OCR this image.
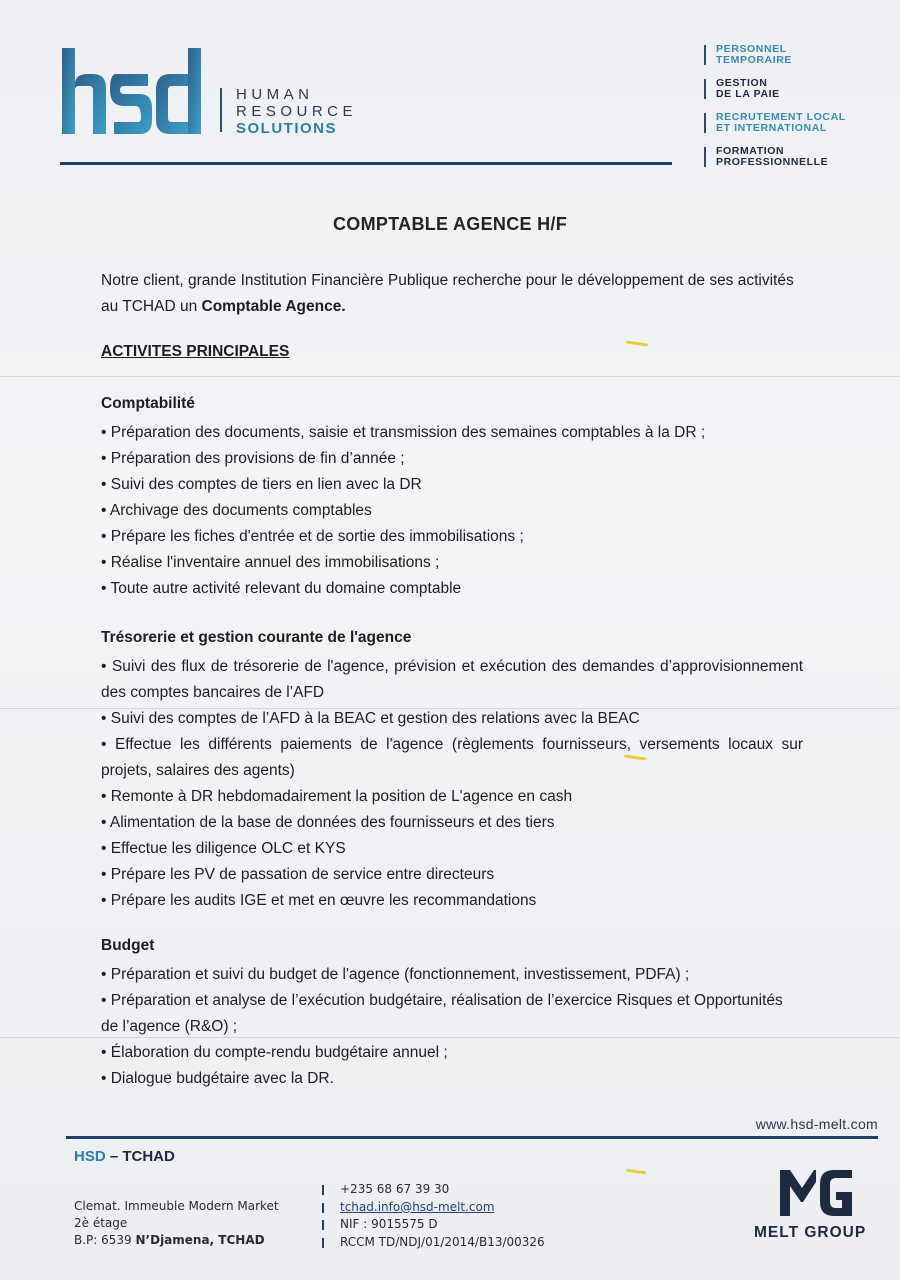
HUMAN
RESOURCE
SOLUTIONS
PERSONNEL
TEMPORAIRE
GESTION
DE LA PAIE
RECRUTEMENT LOCAL
ET INTERNATIONAL
FORMATION
PROFESSIONNELLE
COMPTABLE AGENCE H/F

Notre client, grande Institution Financière Publique recherche pour le développement de ses activités au TCHAD un Comptable Agence.

ACTIVITES PRINCIPALES
Comptabilité
• Préparation des documents, saisie et transmission des semaines comptables à la DR ;
• Préparation des provisions de fin d’année ;
• Suivi des comptes de tiers en lien avec la DR
• Archivage des documents comptables
• Prépare les fiches d'entrée et de sortie des immobilisations ;
• Réalise l'inventaire annuel des immobilisations ;
• Toute autre activité relevant du domaine comptable
Trésorerie et gestion courante de l'agence
• Suivi des flux de trésorerie de l'agence, prévision et exécution des demandes d’approvisionnement des comptes bancaires de l’AFD
• Suivi des comptes de l’AFD à la BEAC et gestion des relations avec la BEAC
• Effectue les différents paiements de l'agence (règlements fournisseurs, versements locaux sur projets, salaires des agents)
• Remonte à DR hebdomadairement la position de L'agence en cash
• Alimentation de la base de données des fournisseurs et des tiers
• Effectue les diligence OLC et KYS
• Prépare les PV de passation de service entre directeurs
• Prépare les audits IGE et met en œuvre les recommandations
Budget
• Préparation et suivi du budget de l'agence (fonctionnement, investissement, PDFA) ;
• Préparation et analyse de l’exécution budgétaire, réalisation de l’exercice Risques et Opportunités de l’agence (R&O) ;
• Élaboration du compte-rendu budgétaire annuel ;
• Dialogue budgétaire avec la DR.
www.hsd-melt.com
HSD – TCHAD
Clemat. Immeuble Modern Market
2è étage
B.P: 6539 N’Djamena, TCHAD
+235 68 67 39 30
tchad.info@hsd-melt.com
NIF : 9015575 D
RCCM TD/NDJ/01/2014/B13/00326
MELT GROUP
